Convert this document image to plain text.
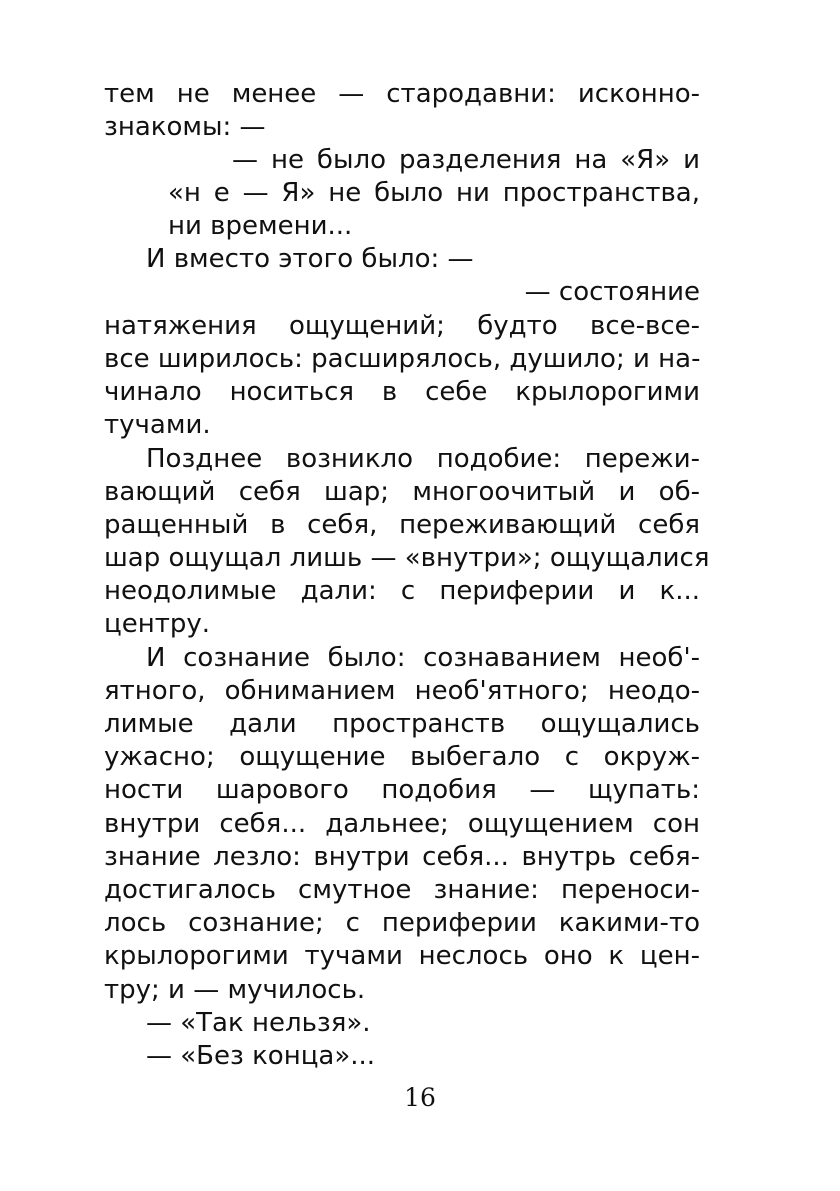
тем не менее — стародавни: исконно-
знакомы: —
— не было разделения на «Я» и
«н е — Я» не было ни пространства,
ни времени...
И вместо этого было: —
— состояние
натяжения ощущений; будто все-все-
все ширилось: расширялось, душило; и на-
чинало носиться в себе крылорогими
тучами.
Позднее возникло подобие: пережи-
вающий себя шар; многоочитый и об-
ращенный в себя, переживающий себя
шар ощущал лишь — «внутри»; ощущалися
неодолимые дали: с периферии и к...
центру.
И сознание было: сознаванием необ'-
ятного, обниманием необ'ятного; неодо-
лимые дали пространств ощущались
ужасно; ощущение выбегало с окруж-
ности шарового подобия — щупать:
внутри себя... дальнее; ощущением сон
знание лезло: внутри себя... внутрь себя-
достигалось смутное знание: переноси-
лось сознание; с периферии какими-то
крылорогими тучами неслось оно к цен-
тру; и — мучилось.
— «Так нельзя».
— «Без конца»...
16
